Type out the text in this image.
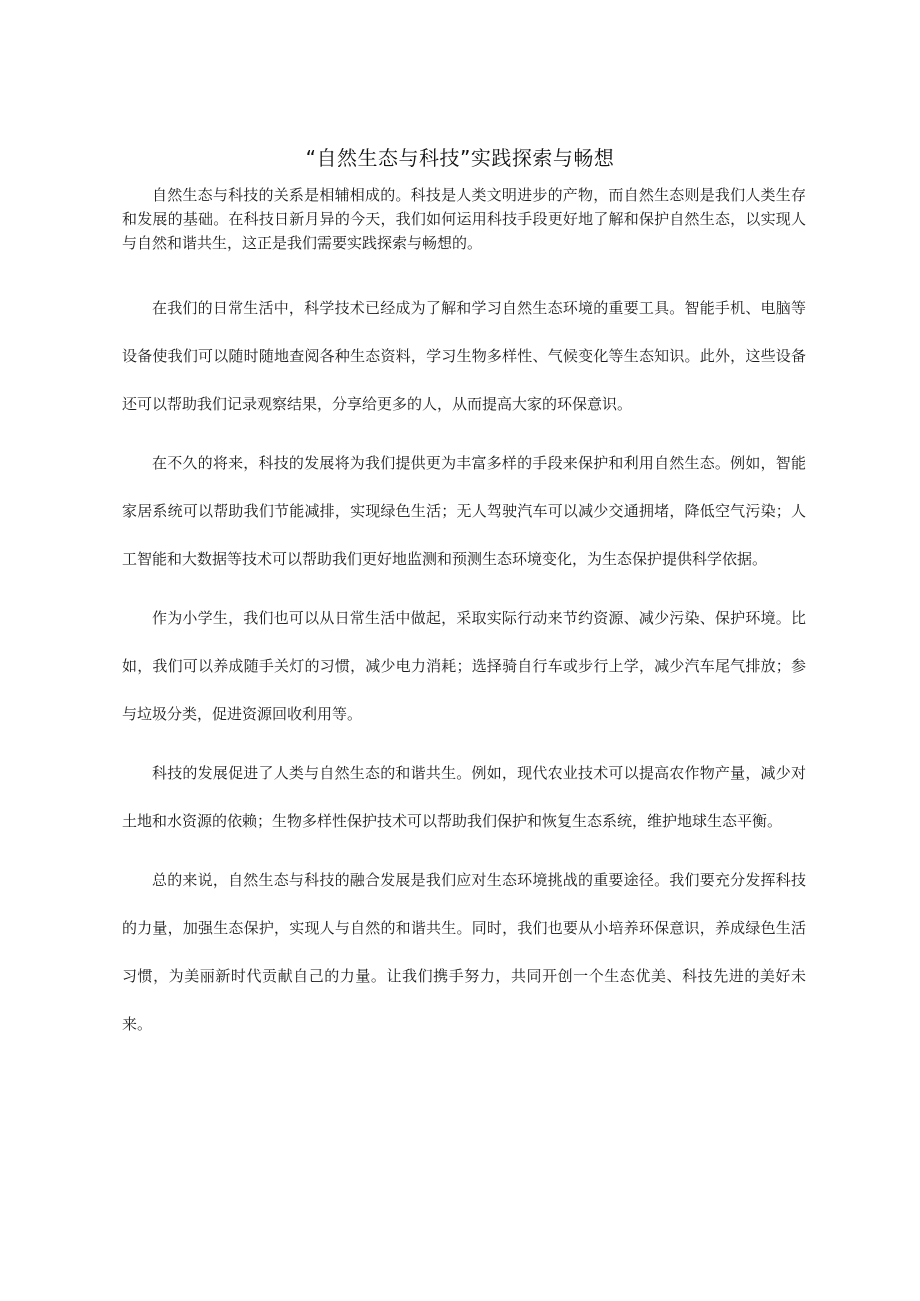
“自然生态与科技”实践探索与畅想

自然生态与科技的关系是相辅相成的。科技是人类文明进步的产物，而自然生态则是我们人类生存和发展的基础。在科技日新月异的今天，我们如何运用科技手段更好地了解和保护自然生态，以实现人与自然和谐共生，这正是我们需要实践探索与畅想的。

在我们的日常生活中，科学技术已经成为了解和学习自然生态环境的重要工具。智能手机、电脑等设备使我们可以随时随地查阅各种生态资料，学习生物多样性、气候变化等生态知识。此外，这些设备还可以帮助我们记录观察结果，分享给更多的人，从而提高大家的环保意识。

在不久的将来，科技的发展将为我们提供更为丰富多样的手段来保护和利用自然生态。例如，智能家居系统可以帮助我们节能减排，实现绿色生活；无人驾驶汽车可以减少交通拥堵，降低空气污染；人工智能和大数据等技术可以帮助我们更好地监测和预测生态环境变化，为生态保护提供科学依据。

作为小学生，我们也可以从日常生活中做起，采取实际行动来节约资源、减少污染、保护环境。比如，我们可以养成随手关灯的习惯，减少电力消耗；选择骑自行车或步行上学，减少汽车尾气排放；参与垃圾分类，促进资源回收利用等。

科技的发展促进了人类与自然生态的和谐共生。例如，现代农业技术可以提高农作物产量，减少对土地和水资源的依赖；生物多样性保护技术可以帮助我们保护和恢复生态系统，维护地球生态平衡。

总的来说，自然生态与科技的融合发展是我们应对生态环境挑战的重要途径。我们要充分发挥科技的力量，加强生态保护，实现人与自然的和谐共生。同时，我们也要从小培养环保意识，养成绿色生活习惯，为美丽新时代贡献自己的力量。让我们携手努力，共同开创一个生态优美、科技先进的美好未来。
